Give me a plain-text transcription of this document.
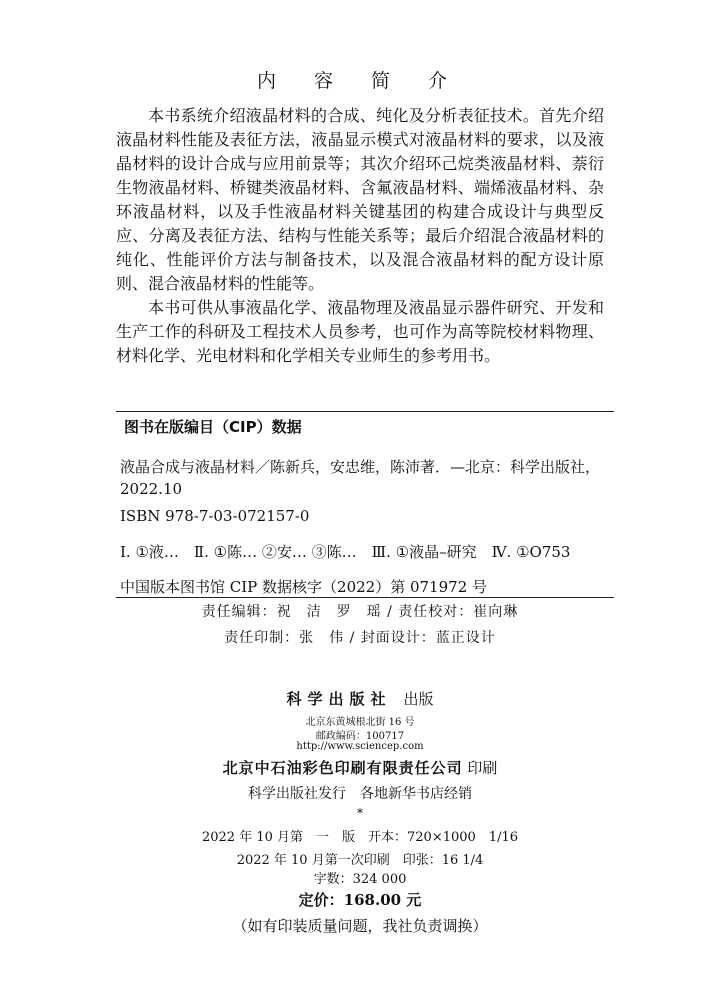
内 容 简 介

本书系统介绍液晶材料的合成、纯化及分析表征技术。首先介绍液晶材料性能及表征方法，液晶显示模式对液晶材料的要求，以及液晶材料的设计合成与应用前景等；其次介绍环己烷类液晶材料、萘衍生物液晶材料、桥键类液晶材料、含氟液晶材料、端烯液晶材料、杂环液晶材料，以及手性液晶材料关键基团的构建合成设计与典型反应、分离及表征方法、结构与性能关系等；最后介绍混合液晶材料的纯化、性能评价方法与制备技术，以及混合液晶材料的配方设计原则、混合液晶材料的性能等。

本书可供从事液晶化学、液晶物理及液晶显示器件研究、开发和生产工作的科研及工程技术人员参考，也可作为高等院校材料物理、材料化学、光电材料和化学相关专业师生的参考用书。

图书在版编目（CIP）数据
液晶合成与液晶材料／陈新兵，安忠维，陈沛著．—北京：科学出版社，2022.10
ISBN 978-7-03-072157-0
Ⅰ. ①液…　Ⅱ. ①陈… ②安… ③陈…　Ⅲ. ①液晶–研究　Ⅳ. ①O753
中国版本图书馆 CIP 数据核字（2022）第 071972 号
责任编辑：祝　洁　罗　瑶 / 责任校对：崔向琳
责任印制：张　伟 / 封面设计：蓝正设计
科学出版社 出版
北京东黄城根北街 16 号
邮政编码：100717
http://www.sciencep.com
北京中石油彩色印刷有限责任公司 印刷
科学出版社发行　各地新华书店经销
*
2022 年 10 月第　一　版　开本：720×1000　1/16
2022 年 10 月第一次印刷　印张：16 1/4
字数：324 000
定价：168.00 元
（如有印装质量问题，我社负责调换）
